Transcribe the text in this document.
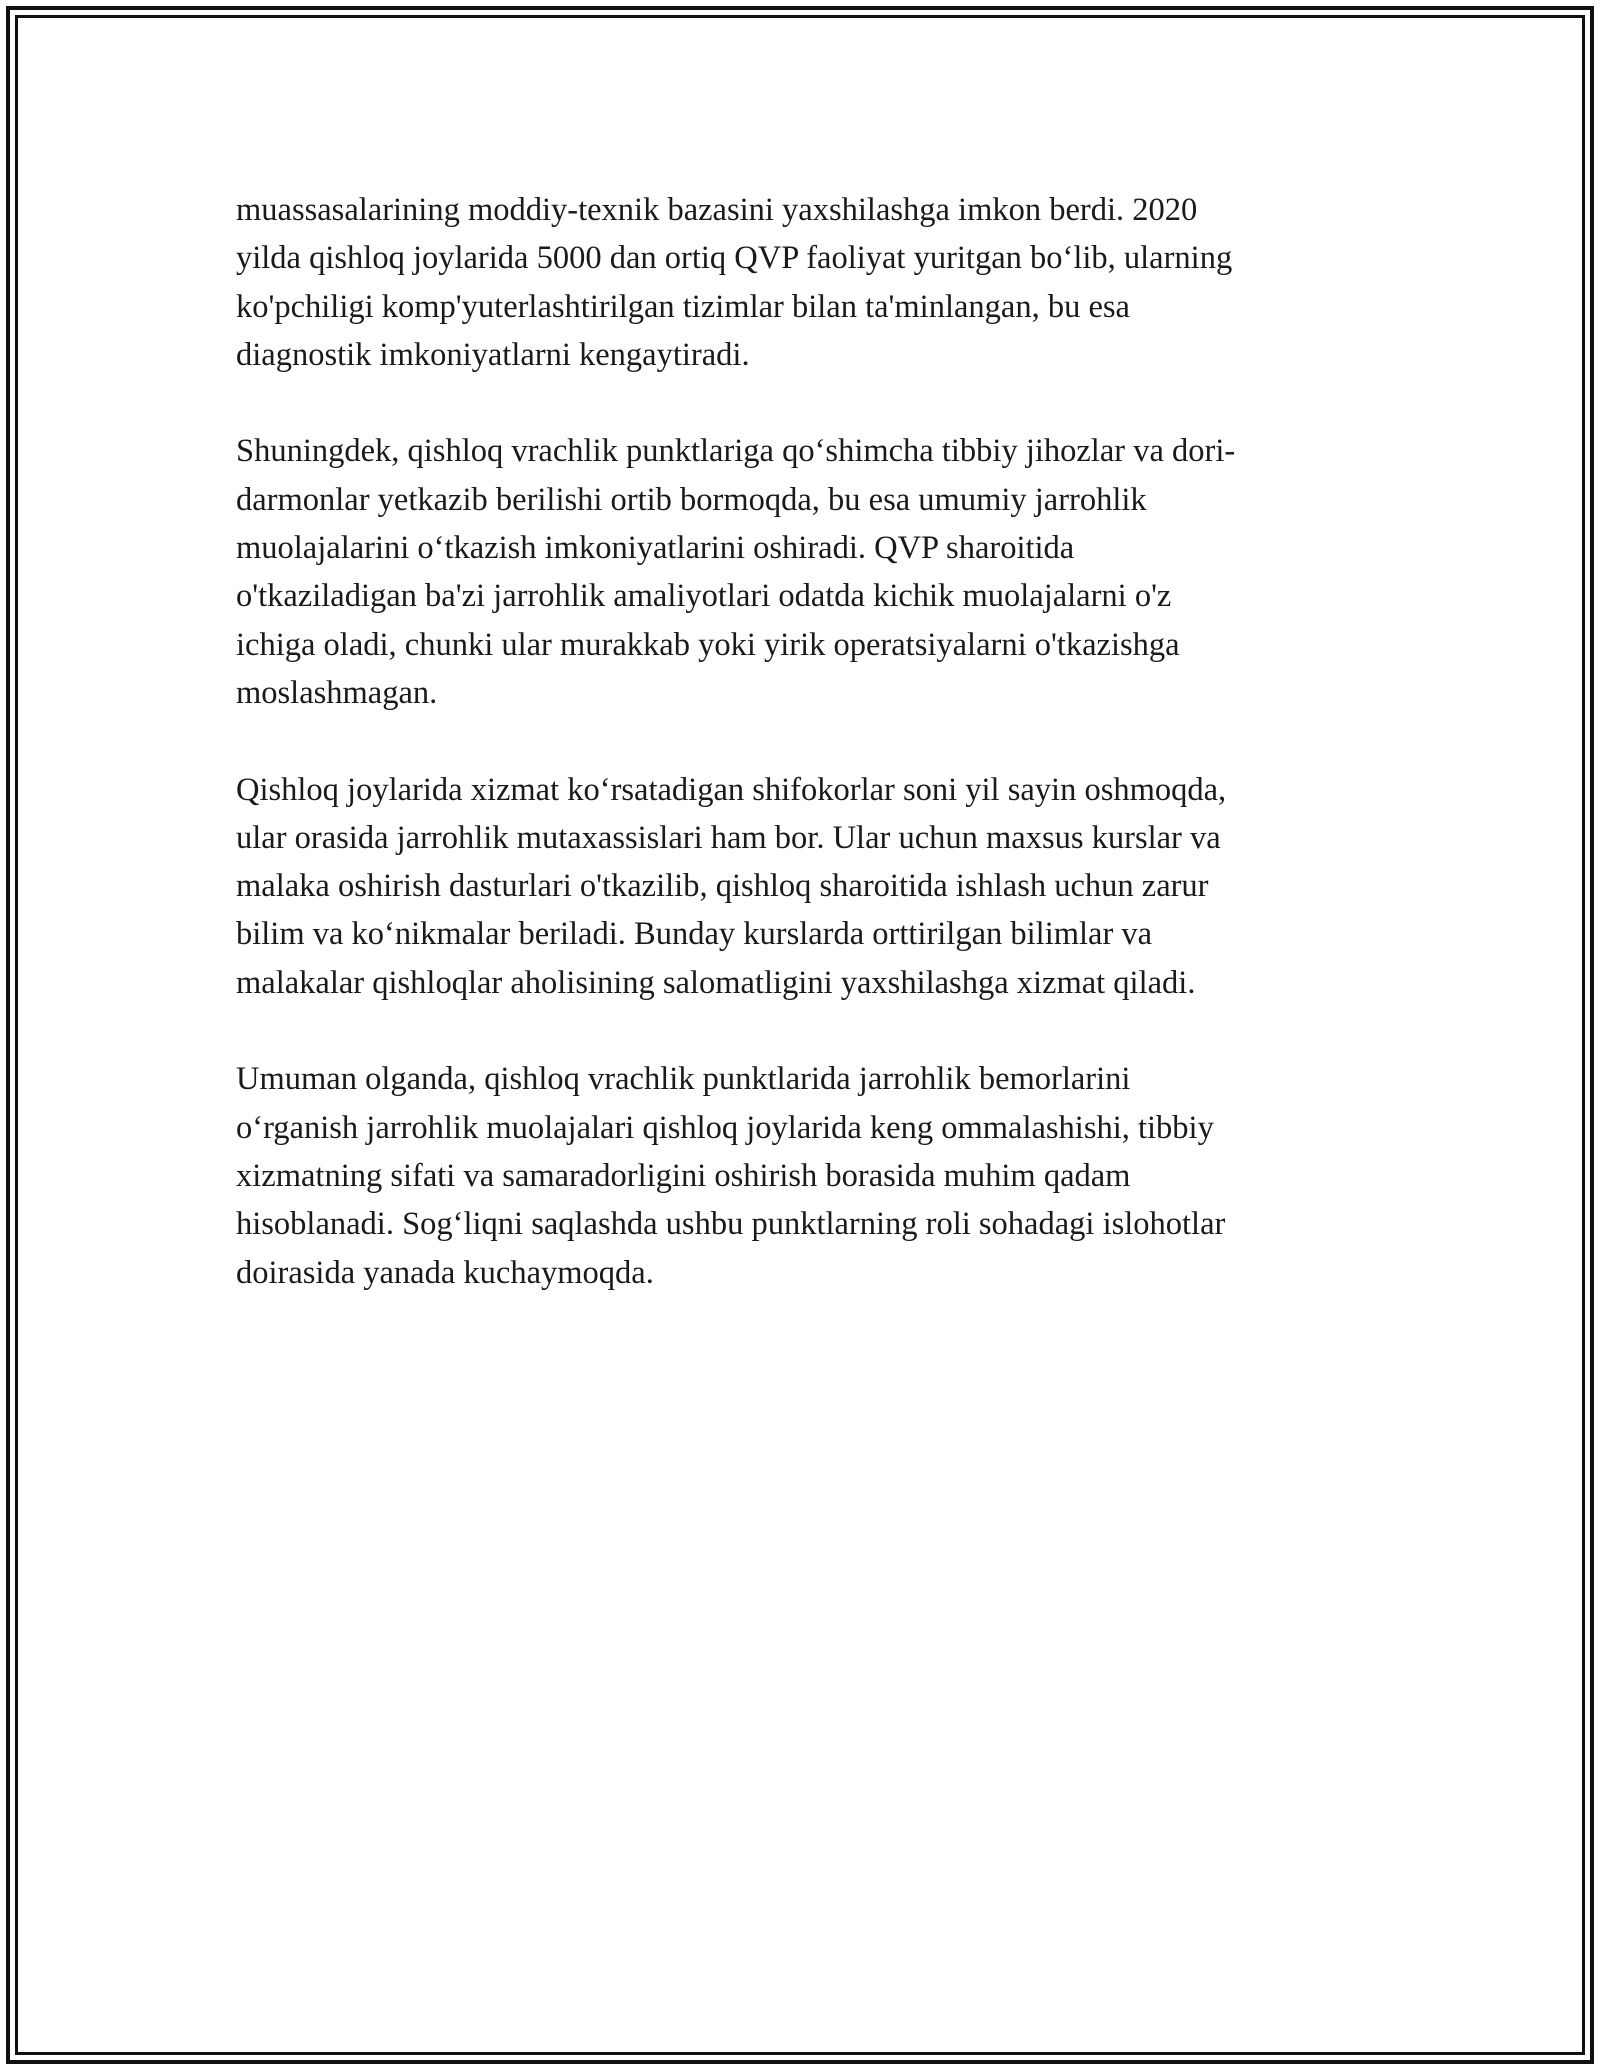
muassasalarining moddiy-texnik bazasini yaxshilashga imkon berdi. 2020
yilda qishloq joylarida 5000 dan ortiq QVP faoliyat yuritgan bo‘lib, ularning
ko'pchiligi komp'yuterlashtirilgan tizimlar bilan ta'minlangan, bu esa
diagnostik imkoniyatlarni kengaytiradi.

Shuningdek, qishloq vrachlik punktlariga qo‘shimcha tibbiy jihozlar va dori-
darmonlar yetkazib berilishi ortib bormoqda, bu esa umumiy jarrohlik
muolajalarini o‘tkazish imkoniyatlarini oshiradi. QVP sharoitida
o'tkaziladigan ba'zi jarrohlik amaliyotlari odatda kichik muolajalarni o'z
ichiga oladi, chunki ular murakkab yoki yirik operatsiyalarni o'tkazishga
moslashmagan.

Qishloq joylarida xizmat ko‘rsatadigan shifokorlar soni yil sayin oshmoqda,
ular orasida jarrohlik mutaxassislari ham bor. Ular uchun maxsus kurslar va
malaka oshirish dasturlari o'tkazilib, qishloq sharoitida ishlash uchun zarur
bilim va ko‘nikmalar beriladi. Bunday kurslarda orttirilgan bilimlar va
malakalar qishloqlar aholisining salomatligini yaxshilashga xizmat qiladi.

Umuman olganda, qishloq vrachlik punktlarida jarrohlik bemorlarini
o‘rganish jarrohlik muolajalari qishloq joylarida keng ommalashishi, tibbiy
xizmatning sifati va samaradorligini oshirish borasida muhim qadam
hisoblanadi. Sog‘liqni saqlashda ushbu punktlarning roli sohadagi islohotlar
doirasida yanada kuchaymoqda.
